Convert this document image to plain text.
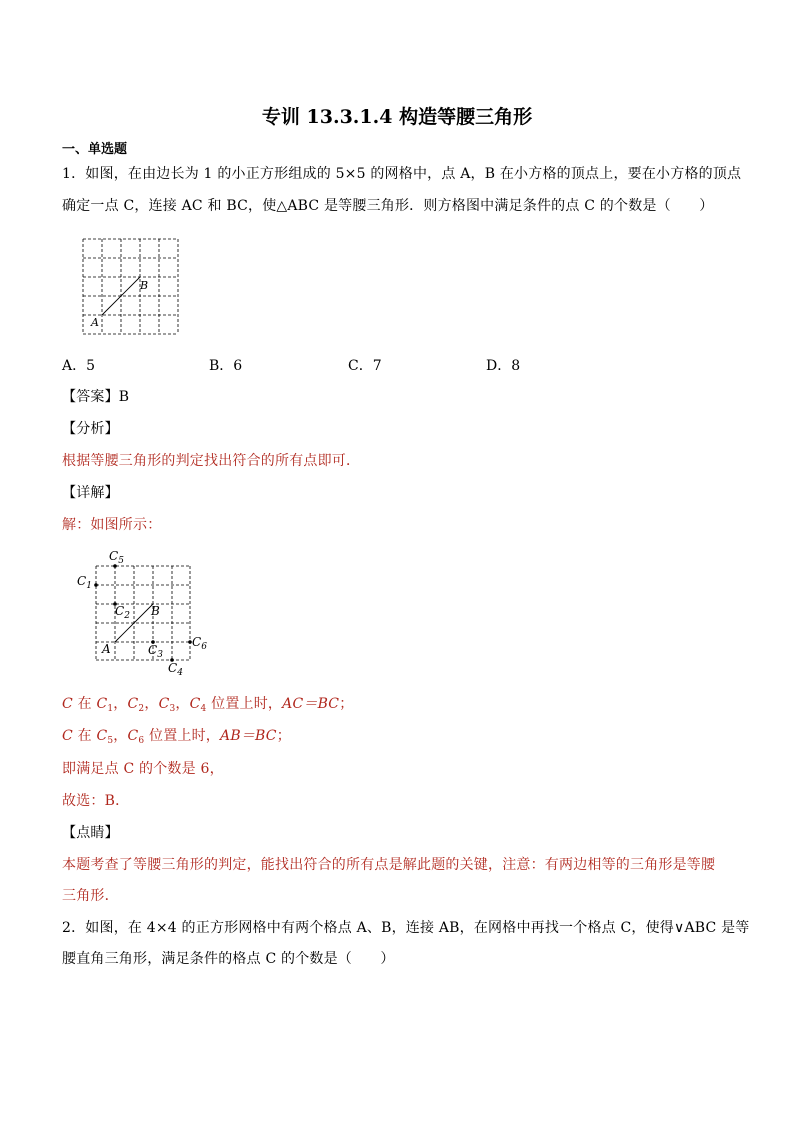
专训 13.3.1.4 构造等腰三角形
一、单选题
1．如图，在由边长为 1 的小正方形组成的 5×5 的网格中，点 A，B 在小方格的顶点上，要在小方格的顶点
确定一点 C，连接 AC 和 BC，使△ABC 是等腰三角形．则方格图中满足条件的点 C 的个数是（　　）
A
B
A．5	B．6	C．7	D．8
【答案】B
【分析】
根据等腰三角形的判定找出符合的所有点即可．
【详解】
解：如图所示：
$C_5$
$C_1$
$C_2$ B
A	$C_3$
$C_4$
$C_6$
C 在 $C_1$，$C_2$，$C_3$，$C_4$ 位置上时，AC＝BC；
C 在 $C_5$，$C_6$ 位置上时，AB＝BC；
即满足点 C 的个数是 6，
故选：B．
【点睛】
本题考查了等腰三角形的判定，能找出符合的所有点是解此题的关键，注意：有两边相等的三角形是等腰
三角形．
2．如图，在 4×4 的正方形网格中有两个格点 A、B，连接 AB，在网格中再找一个格点 C，使得∨ABC 是等
腰直角三角形，满足条件的格点 C 的个数是（　　）
